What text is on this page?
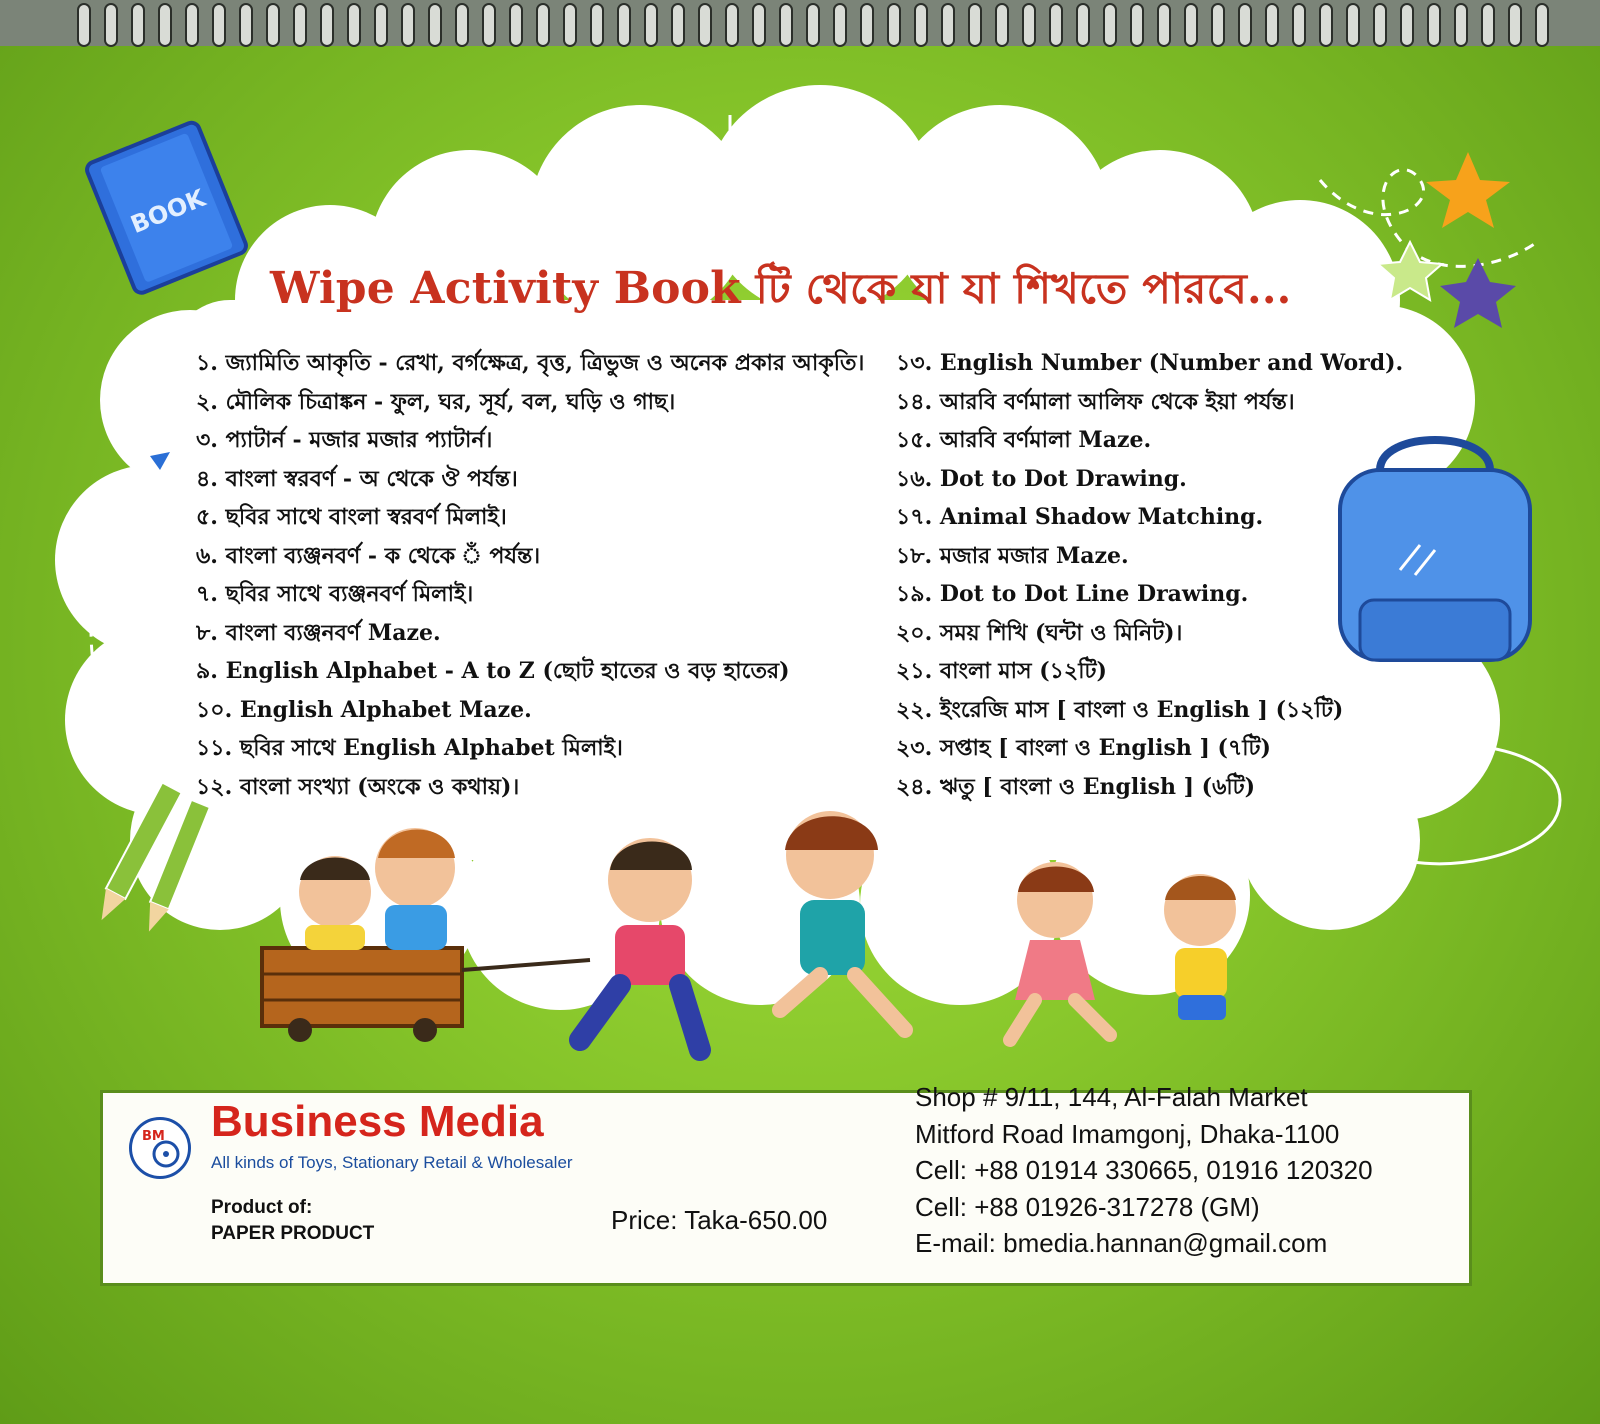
BOOK
Wipe Activity Book টি থেকে যা যা শিখতে পারবে...
১. জ্যামিতি আকৃতি - রেখা, বর্গক্ষেত্র, বৃত্ত, ত্রিভুজ ও অনেক প্রকার আকৃতি।
২. মৌলিক চিত্রাঙ্কন - ফুল, ঘর, সূর্য, বল, ঘড়ি ও গাছ।
৩. প্যাটার্ন - মজার মজার প্যাটার্ন।
৪. বাংলা স্বরবর্ণ - অ থেকে ঔ পর্যন্ত।
৫. ছবির সাথে বাংলা স্বরবর্ণ মিলাই।
৬. বাংলা ব্যঞ্জনবর্ণ - ক থেকে ঁ পর্যন্ত।
৭. ছবির সাথে ব্যঞ্জনবর্ণ মিলাই।
৮. বাংলা ব্যঞ্জনবর্ণ Maze.
৯. English Alphabet - A to Z (ছোট হাতের ও বড় হাতের)
১০. English Alphabet Maze.
১১. ছবির সাথে English Alphabet মিলাই।
১২. বাংলা সংখ্যা (অংকে ও কথায়)।
১৩. English Number (Number and Word).
১৪. আরবি বর্ণমালা আলিফ থেকে ইয়া পর্যন্ত।
১৫. আরবি বর্ণমালা Maze.
১৬. Dot to Dot Drawing.
১৭. Animal Shadow Matching.
১৮. মজার মজার Maze.
১৯. Dot to Dot Line Drawing.
২০. সময় শিখি (ঘন্টা ও মিনিট)।
২১. বাংলা মাস (১২টি)
২২. ইংরেজি মাস [ বাংলা ও English ] (১২টি)
২৩. সপ্তাহ [ বাংলা ও English ] (৭টি)
২৪. ঋতু [ বাংলা ও English ] (৬টি)
BM Business Media
All kinds of Toys, Stationary Retail & Wholesaler
Product of:
PAPER PRODUCT	Price: Taka-650.00
Shop # 9/11, 144, Al-Falah Market
Mitford Road Imamgonj, Dhaka-1100
Cell: +88 01914 330665, 01916 120320
Cell: +88 01926-317278 (GM)
E-mail: bmedia.hannan@gmail.com
